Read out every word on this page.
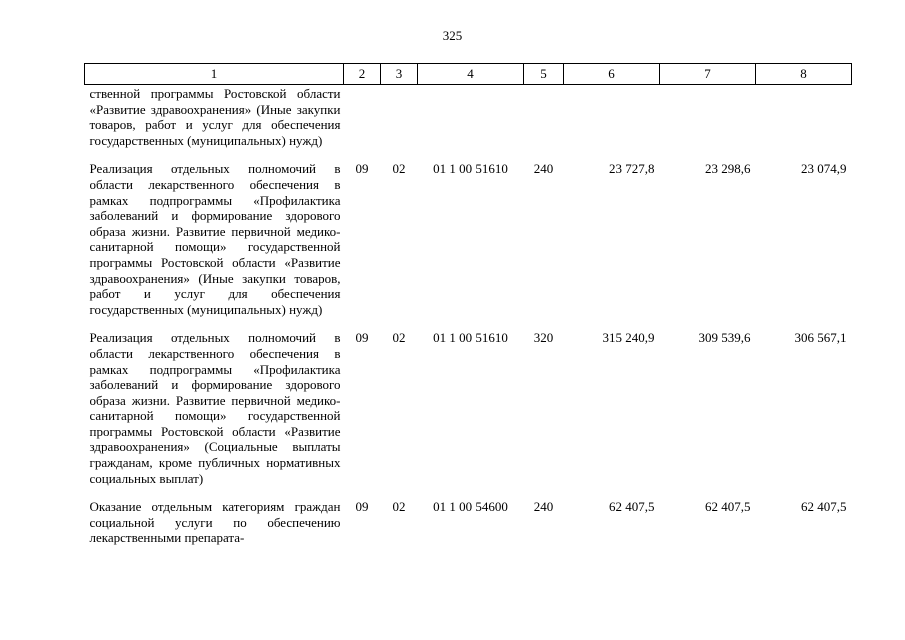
325
1	2	3	4	5	6	7	8
ственной программы Ростовской области «Развитие здравоохранения» (Иные закупки товаров, работ и услуг для обеспечения государственных (муниципальных) нужд)							

Реализация отдельных полномочий в области лекарственного обеспечения в рамках подпрограммы «Профилактика заболеваний и формирование здорового образа жизни. Развитие первичной медико-санитарной помощи» государственной программы Ростовской области «Развитие здравоохранения» (Иные закупки товаров, работ и услуг для обеспечения государственных (муниципальных) нужд)	09	02	01 1 00 51610	240	23 727,8	23 298,6	23 074,9

Реализация отдельных полномочий в области лекарственного обеспечения в рамках подпрограммы «Профилактика заболеваний и формирование здорового образа жизни. Развитие первичной медико-санитарной помощи» государственной программы Ростовской области «Развитие здравоохранения» (Социальные выплаты гражданам, кроме публичных нормативных социальных выплат)	09	02	01 1 00 51610	320	315 240,9	309 539,6	306 567,1

Оказание отдельным категориям граждан социальной услуги по обеспечению лекарственными препарата-	09	02	01 1 00 54600	240	62 407,5	62 407,5	62 407,5
